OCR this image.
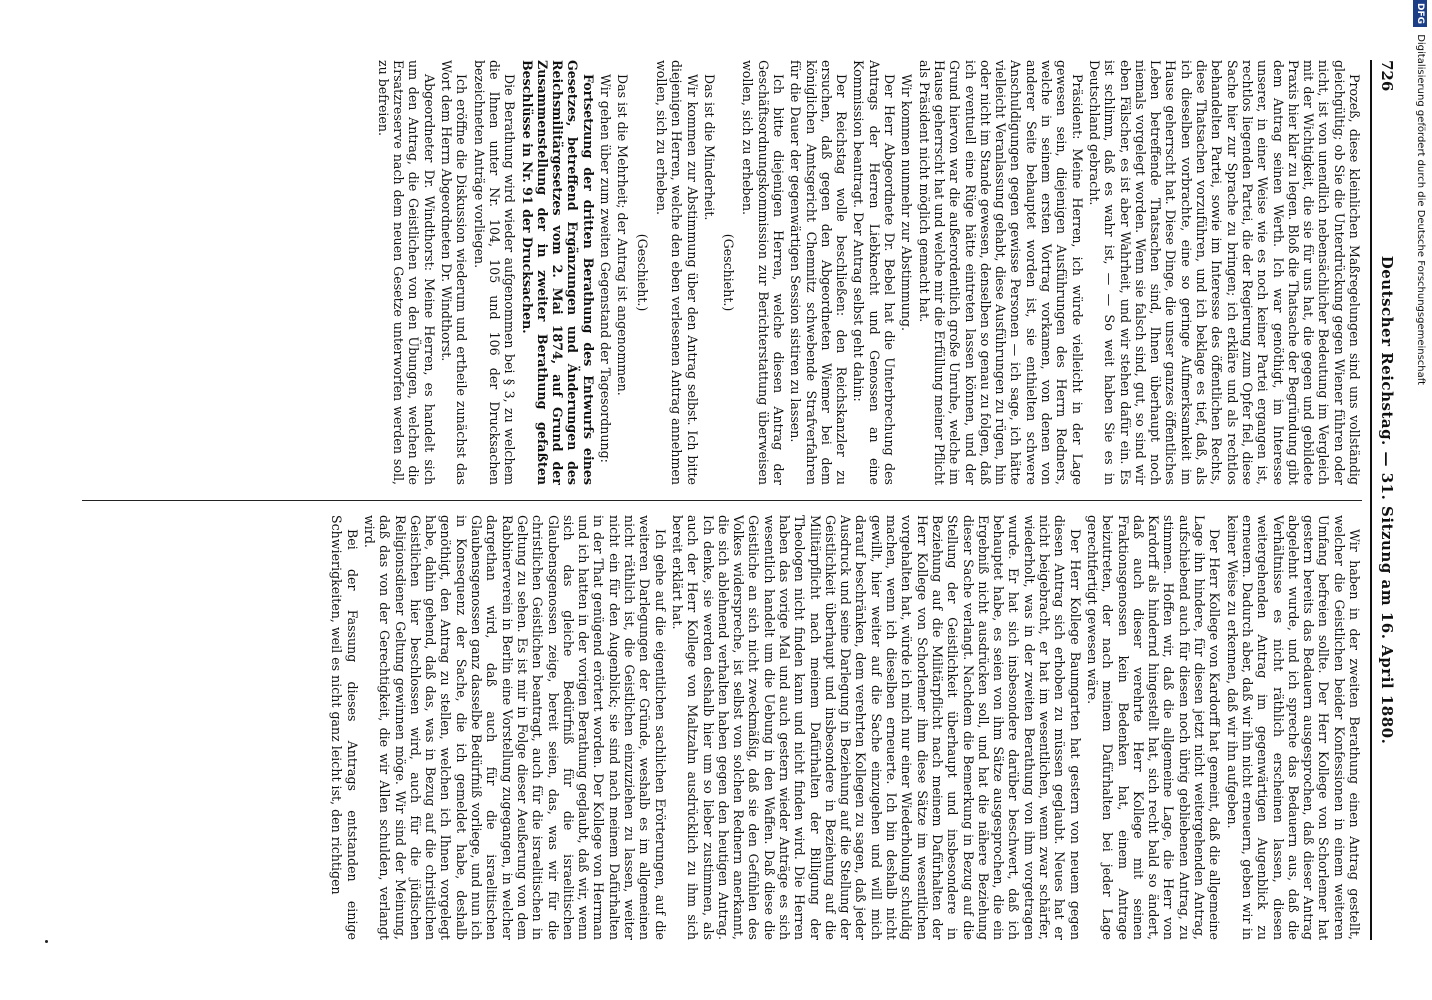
726
Deutscher Reichstag. — 31. Sitzung am 16. April 1880.

Prozeß, diese kleinlichen Maßregelungen sind uns vollständig gleichgültig; ob Sie die Unterdrückung gegen Wiener führen oder nicht, ist von unendlich nebensächlicher Bedeutung im Vergleich mit der Wichtigkeit, die sie für uns hat, die gegen und gebildete Praxis hier klar zu legen. Bloß die Thatsache der Begründung gibt dem Antrag seinen Werth. Ich war genöthigt, im Interesse unserer, in einer Weise wie es noch keiner Partei ergangen ist, rechtlos liegenden Partei, die der Regierung zum Opfer fiel, diese Sache hier zur Sprache zu bringen; ich erkläre und als rechtlos behandelten Partei, sowie im Interesse des öffentlichen Rechts, diese Thatsachen vorzuführen, und ich beklage es tief, daß, als ich dieselben vorbrachte, eine so geringe Aufmerksamkeit im Hause geherrscht hat. Diese Dinge, die unser ganzes öffentliches Leben betreffende Thatsachen sind, Ihnen überhaupt noch niemals vorgelegt worden. Wenn sie falsch sind, gut, so sind wir eben Fälscher, es ist aber Wahrheit, und wir stehen dafür ein. Es ist schlimm, daß es wahr ist, — — So weit haben Sie es in Deutschland gebracht.

Präsident: Meine Herren, ich würde vielleicht in der Lage gewesen sein, diejenigen Ausführungen des Herrn Redners, welche in seinem ersten Vortrag vorkamen, von denen von anderer Seite behauptet worden ist, sie enthielten schwere Anschuldigungen gegen gewisse Personen — ich sage, ich hätte vielleicht Veranlassung gehabt, diese Ausführungen zu rügen, hin oder nicht im Stande gewesen, denselben so genau zu folgen, daß ich eventuell eine Rüge hätte eintreten lassen können, und der Grund hiervon war die außerordentlich große Unruhe, welche im Hause geherrscht hat und welche mir die Erfüllung meiner Pflicht als Präsident nicht möglich gemacht hat.

Wir kommen nunmehr zur Abstimmung.

Der Herr Abgeordnete Dr. Bebel hat die Unterbrechung des Antrags der Herren Liebknecht und Genossen an eine Kommission beantragt. Der Antrag selbst geht dahin:

Der Reichstag wolle beschließen: den Reichskanzler zu ersuchen, daß gegen den Abgeordneten Wiemer bei dem königlichen Amtsgericht Chemnitz schwebende Strafverfahren für die Dauer der gegenwärtigen Session sistiren zu lassen.

Ich bitte diejenigen Herren, welche diesen Antrag der Geschäftsordnungskommission zur Berichterstattung überweisen wollen, sich zu erheben.

(Geschieht.)

Das ist die Minderheit.

Wir kommen zur Abstimmung über den Antrag selbst. Ich bitte diejenigen Herren, welche den eben verlesenen Antrag annehmen wollen, sich zu erheben.

(Geschieht.)

Das ist die Mehrheit; der Antrag ist angenommen.

Wir gehen über zum zweiten Gegenstand der Tagesordnung:

Fortsetzung der dritten Berathung des Entwurfs eines Gesetzes, betreffend Ergänzungen und Änderungen des Reichsmilitärgesetzes vom 2. Mai 1874, auf Grund der Zusammenstellung der in zweiter Berathung gefaßten Beschlüsse in Nr. 91 der Drucksachen.

Die Berathung wird wieder aufgenommen bei § 3, zu welchem die Ihnen unter Nr. 104, 105 und 106 der Drucksachen bezeichneten Anträge vorliegen.

Ich eröffne die Diskussion wiederum und ertheile zunächst das Wort dem Herrn Abgeordneten Dr. Windthorst.

Abgeordneter Dr. Windthorst: Meine Herren, es handelt sich um den Antrag, die Geistlichen von den Übungen, welchen die Ersatzreserve nach dem neuen Gesetze unterworfen werden soll, zu befreien.

Wir haben in der zweiten Berathung einen Antrag gestellt, welcher die Geistlichen beider Konfessionen in einem weiteren Umfang befreien sollte. Der Herr Kollege von Schorlemer hat gestern bereits das Bedauern ausgesprochen, daß dieser Antrag abgelehnt wurde, und ich spreche das Bedauern aus, daß die Verhältnisse es nicht räthlich erscheinen lassen, diesen weitergehenden Antrag im gegenwärtigen Augenblick zu erneuern. Dadurch aber, daß wir ihn nicht erneuern, geben wir in keiner Weise zu erkennen, daß wir ihn aufgeben.

Der Herr Kollege von Kardorff hat gemeint, daß die allgemeine Lage ihn hindere, für diesen jetzt nicht weitergehenden Antrag, aufschiebend auch für diesen noch übrig gebliebenen Antrag, zu stimmen. Hoffen wir, daß die allgemeine Lage, die Herr von Kardorff als hindernd hingestellt hat, sich recht bald so ändert, daß auch dieser verehrte Herr Kollege mit seinen Fraktionsgenossen kein Bedenken hat, einem Antrage beizutreten, der nach meinem Dafürhalten bei jeder Lage gerechtfertigt gewesen wäre.

Der Herr Kollege Baumgarten hat gestern von neuem gegen diesen Antrag sich erhoben zu müssen geglaubt. Neues hat er nicht beigebracht, er hat im wesentlichen, wenn zwar schärfer, wiederholt, was in der zweiten Berathung von ihm vorgetragen wurde. Er hat sich insbesondere darüber beschwert, daß ich behauptet habe, es seien von ihm Sätze ausgesprochen, die ein Ergebniß nicht ausdrücken soll, und hat die nähere Beziehung dieser Sache verlangt. Nachdem die Bemerkung in Bezug auf die Stellung der Geistlichkeit überhaupt und insbesondere in Beziehung auf die Militärpflicht nach meinem Dafürhalten der Herr Kollege von Schorlemer ihm diese Sätze im wesentlichen vorgehalten hat, würde ich mich nur einer Wiederholung schuldig machen, wenn ich dieselben erneuerte. Ich bin deshalb nicht gewillt, hier weiter auf die Sache einzugehen und will mich darauf beschränken, dem verehrten Kollegen zu sagen, daß jeder Ausdruck und seine Darlegung in Beziehung auf die Stellung der Geistlichkeit überhaupt und insbesondere in Beziehung auf die Militärpflicht nach meinem Dafürhalten der Billigung der Theologen nicht finden kann und nicht finden wird. Die Herren haben das vorige Mal und auch gestern wieder Anträge es sich wesentlich handelt um die Uebung in den Waffen. Daß diese die Geistliche an sich nicht zweckmäßig, daß sie den Gefühlen des Volkes widerspreche, ist selbst von solchen Rednern anerkannt, die sich ablehnend verhalten haben gegen den heutigen Antrag. Ich denke, sie werden deshalb hier um so lieber zustimmen, als auch der Herr Kollege von Maltzahn ausdrücklich zu ihm sich bereit erklärt hat.

Ich gehe auf die eigentlichen sachlichen Erörterungen, auf die weiteren Darlegungen der Gründe, weshalb es im allgemeinen nicht räthlich ist, die Geistlichen einzuziehen zu lassen, weiter nicht ein für den Augenblick; sie sind nach meinem Dafürhalten in der That genügend erörtert worden. Der Kollege von Herrman und ich hatten in der vorigen Berathung geglaubt, daß wir, wenn sich das gleiche Bedürfniß für die israelitischen Glaubensgenossen zeige, bereit seien, das, was wir für die christlichen Geistlichen beantragt, auch für die israelitischen in Geltung zu sehen. Es ist mir in Folge dieser Aeußerung von dem Rabbinerverein in Berlin eine Vorstellung zugegangen, in welcher dargethan wird, daß auch für die israelitischen Glaubensgenossen ganz dasselbe Bedürfniß vorliege, und nun ich in Konsequenz der Sache, die ich gemeldet habe, deshalb genöthigt, den Antrag zu stellen, welchen ich Ihnen vorgelegt habe, dahin gehend, daß das, was in Bezug auf die christlichen Geistlichen hier beschlossen wird, auch für die jüdischen Religionsdiener Geltung gewinnen möge. Wir sind der Meinung, daß das von der Gerechtigkeit, die wir Allen schulden, verlangt wird.

Bei der Fassung dieses Antrags entstanden einige Schwierigkeiten, weil es nicht ganz leicht ist, den richtigen

DFG Digitalisierung gefördert durch die Deutsche Forschungsgemeinschaft
